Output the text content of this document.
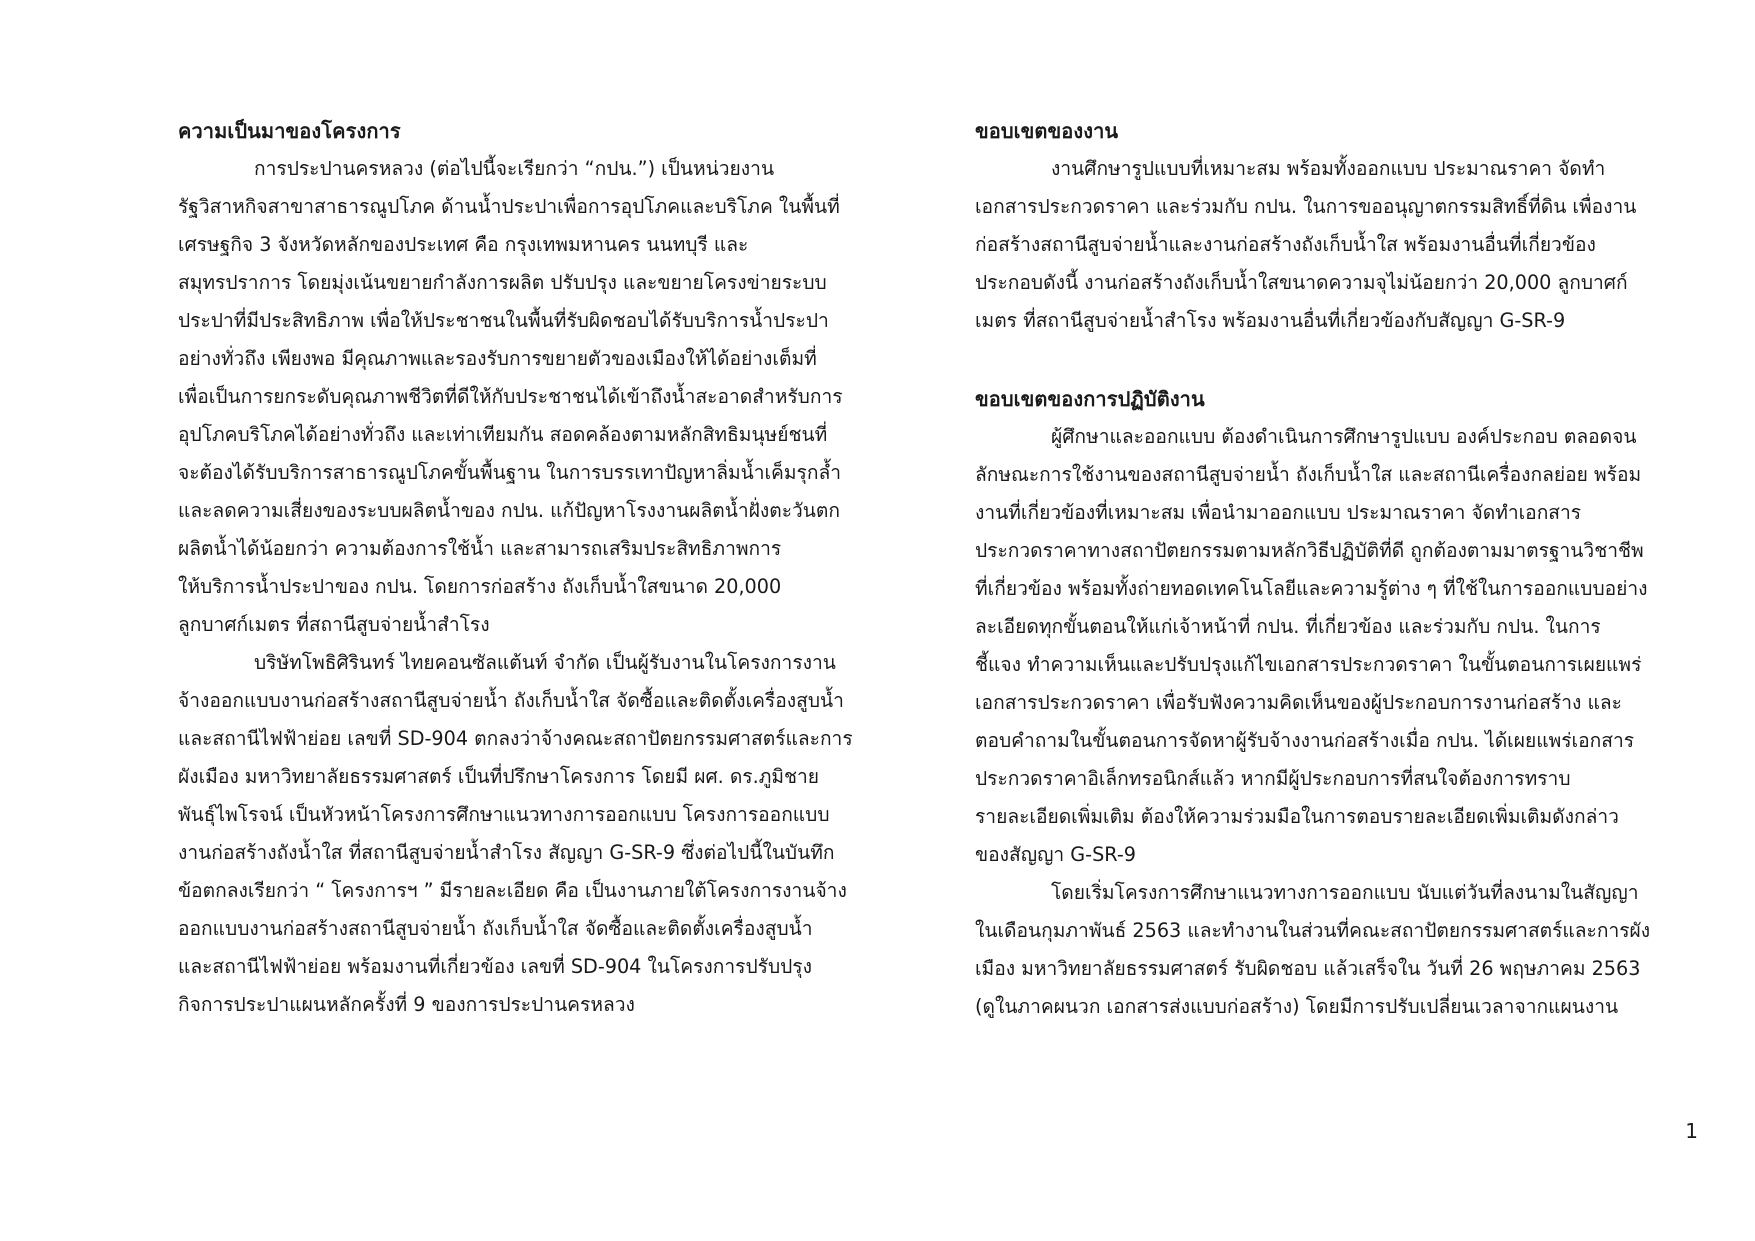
ความเป็นมาของโครงการ

การประปานครหลวง (ต่อไปนี้จะเรียกว่า “กปน.”) เป็นหน่วยงาน
รัฐวิสาหกิจสาขาสาธารณูปโภค ด้านน้ำประปาเพื่อการอุปโภคและบริโภค ในพื้นที่
เศรษฐกิจ 3 จังหวัดหลักของประเทศ คือ กรุงเทพมหานคร นนทบุรี และ
สมุทรปราการ โดยมุ่งเน้นขยายกำลังการผลิต ปรับปรุง และขยายโครงข่ายระบบ
ประปาที่มีประสิทธิภาพ เพื่อให้ประชาชนในพื้นที่รับผิดชอบได้รับบริการน้ำประปา
อย่างทั่วถึง เพียงพอ มีคุณภาพและรองรับการขยายตัวของเมืองให้ได้อย่างเต็มที่
เพื่อเป็นการยกระดับคุณภาพชีวิตที่ดีให้กับประชาชนได้เข้าถึงน้ำสะอาดสำหรับการ
อุปโภคบริโภคได้อย่างทั่วถึง และเท่าเทียมกัน สอดคล้องตามหลักสิทธิมนุษย์ชนที่
จะต้องได้รับบริการสาธารณูปโภคขั้นพื้นฐาน ในการบรรเทาปัญหาลิ่มน้ำเค็มรุกล้ำ
และลดความเสี่ยงของระบบผลิตน้ำของ กปน. แก้ปัญหาโรงงานผลิตน้ำฝั่งตะวันตก
ผลิตน้ำได้น้อยกว่า ความต้องการใช้น้ำ และสามารถเสริมประสิทธิภาพการ
ให้บริการน้ำประปาของ กปน. โดยการก่อสร้าง ถังเก็บน้ำใสขนาด 20,000
ลูกบาศก์เมตร ที่สถานีสูบจ่ายน้ำสำโรง

บริษัทโพธิศิรินทร์ ไทยคอนซัลแต้นท์ จำกัด เป็นผู้รับงานในโครงการงาน
จ้างออกแบบงานก่อสร้างสถานีสูบจ่ายน้ำ ถังเก็บน้ำใส จัดซื้อและติดตั้งเครื่องสูบน้ำ
และสถานีไฟฟ้าย่อย เลขที่ SD-904 ตกลงว่าจ้างคณะสถาปัตยกรรมศาสตร์และการ
ผังเมือง มหาวิทยาลัยธรรมศาสตร์ เป็นที่ปรึกษาโครงการ โดยมี ผศ. ดร.ภูมิชาย
พันธุ์ไพโรจน์ เป็นหัวหน้าโครงการศึกษาแนวทางการออกแบบ โครงการออกแบบ
งานก่อสร้างถังน้ำใส ที่สถานีสูบจ่ายน้ำสำโรง สัญญา G-SR-9 ซึ่งต่อไปนี้ในบันทึก
ข้อตกลงเรียกว่า “ โครงการฯ ” มีรายละเอียด คือ เป็นงานภายใต้โครงการงานจ้าง
ออกแบบงานก่อสร้างสถานีสูบจ่ายน้ำ ถังเก็บน้ำใส จัดซื้อและติดตั้งเครื่องสูบน้ำ
และสถานีไฟฟ้าย่อย พร้อมงานที่เกี่ยวข้อง เลขที่ SD-904 ในโครงการปรับปรุง
กิจการประปาแผนหลักครั้งที่ 9 ของการประปานครหลวง

ขอบเขตของงาน

งานศึกษารูปแบบที่เหมาะสม พร้อมทั้งออกแบบ ประมาณราคา จัดทำ
เอกสารประกวดราคา และร่วมกับ กปน. ในการขออนุญาตกรรมสิทธิ์ที่ดิน เพื่องาน
ก่อสร้างสถานีสูบจ่ายน้ำและงานก่อสร้างถังเก็บน้ำใส พร้อมงานอื่นที่เกี่ยวข้อง
ประกอบดังนี้ งานก่อสร้างถังเก็บน้ำใสขนาดความจุไม่น้อยกว่า 20,000 ลูกบาศก์
เมตร ที่สถานีสูบจ่ายน้ำสำโรง พร้อมงานอื่นที่เกี่ยวข้องกับสัญญา G-SR-9

ขอบเขตของการปฏิบัติงาน

ผู้ศึกษาและออกแบบ ต้องดำเนินการศึกษารูปแบบ องค์ประกอบ ตลอดจน
ลักษณะการใช้งานของสถานีสูบจ่ายน้ำ ถังเก็บน้ำใส และสถานีเครื่องกลย่อย พร้อม
งานที่เกี่ยวข้องที่เหมาะสม เพื่อนำมาออกแบบ ประมาณราคา จัดทำเอกสาร
ประกวดราคาทางสถาปัตยกรรมตามหลักวิธีปฏิบัติที่ดี ถูกต้องตามมาตรฐานวิชาชีพ
ที่เกี่ยวข้อง พร้อมทั้งถ่ายทอดเทคโนโลยีและความรู้ต่าง ๆ ที่ใช้ในการออกแบบอย่าง
ละเอียดทุกขั้นตอนให้แก่เจ้าหน้าที่ กปน. ที่เกี่ยวข้อง และร่วมกับ กปน. ในการ
ชี้แจง ทำความเห็นและปรับปรุงแก้ไขเอกสารประกวดราคา ในขั้นตอนการเผยแพร่
เอกสารประกวดราคา เพื่อรับฟังความคิดเห็นของผู้ประกอบการงานก่อสร้าง และ
ตอบคำถามในขั้นตอนการจัดหาผู้รับจ้างงานก่อสร้างเมื่อ กปน. ได้เผยแพร่เอกสาร
ประกวดราคาอิเล็กทรอนิกส์แล้ว หากมีผู้ประกอบการที่สนใจต้องการทราบ
รายละเอียดเพิ่มเติม ต้องให้ความร่วมมือในการตอบรายละเอียดเพิ่มเติมดังกล่าว
ของสัญญา G-SR-9

โดยเริ่มโครงการศึกษาแนวทางการออกแบบ นับแต่วันที่ลงนามในสัญญา
ในเดือนกุมภาพันธ์ 2563 และทำงานในส่วนที่คณะสถาปัตยกรรมศาสตร์และการผัง
เมือง มหาวิทยาลัยธรรมศาสตร์ รับผิดชอบ แล้วเสร็จใน วันที่ 26 พฤษภาคม 2563
(ดูในภาคผนวก เอกสารส่งแบบก่อสร้าง) โดยมีการปรับเปลี่ยนเวลาจากแผนงาน

1
